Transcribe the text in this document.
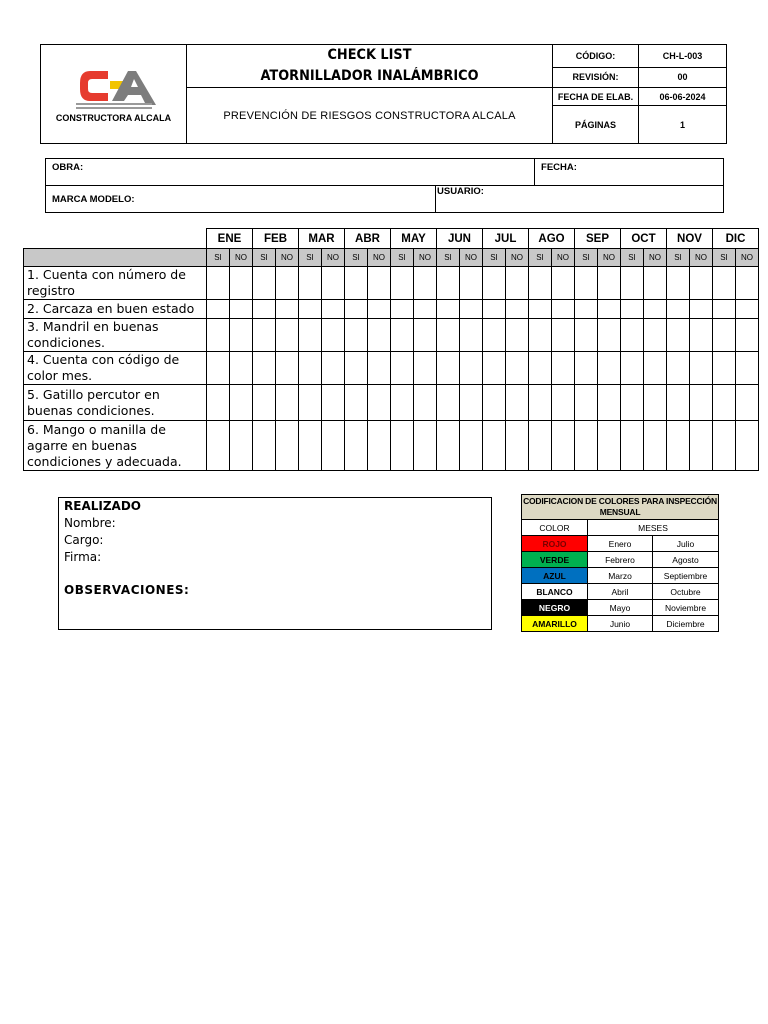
CONSTRUCTORA ALCALA	CHECK LIST
ATORNILLADOR INALÁMBRICO	CÓDIGO:	CH-L-003
		REVISIÓN:	00
	PREVENCIÓN DE RIESGOS CONSTRUCTORA ALCALA	FECHA DE ELAB.	06-06-2024
		PÁGINAS	1
OBRA:		FECHA:
MARCA MODELO:	USUARIO:	
	ENE		FEB		MAR		ABR		MAY		JUN		JUL		AGO		SEP		OCT		NOV		DIC	
	SI	NO	SI	NO	SI	NO	SI	NO	SI	NO	SI	NO	SI	NO	SI	NO	SI	NO	SI	NO	SI	NO	SI	NO
1. Cuenta con número de registro																								
2. Carcaza en buen estado																								
3. Mandril en buenas condiciones.																								
4. Cuenta con código de color mes.																								
5. Gatillo percutor en buenas condiciones.																								
6. Mango o manilla de agarre en buenas condiciones y adecuada.																								
REALIZADO
Nombre:
Cargo:
Firma:
OBSERVACIONES:
CODIFICACION DE COLORES PARA INSPECCIÓN MENSUAL		
COLOR	MESES	
ROJO	Enero	Julio
VERDE	Febrero	Agosto
AZUL	Marzo	Septiembre
BLANCO	Abril	Octubre
NEGRO	Mayo	Noviembre
AMARILLO	Junio	Diciembre
